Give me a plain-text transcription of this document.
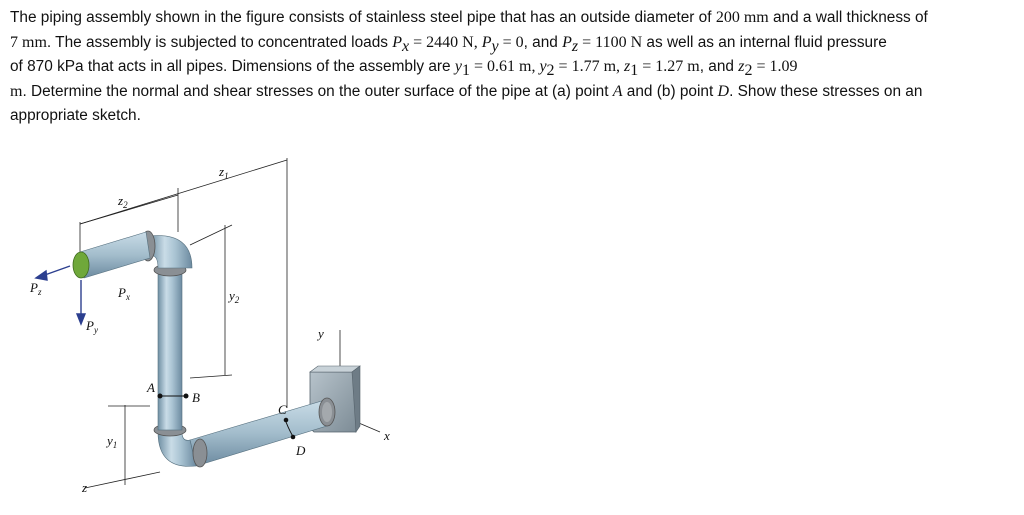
The piping assembly shown in the figure consists of stainless steel pipe that has an outside diameter of 200 mm and a wall thickness of
7 mm. The assembly is subjected to concentrated loads $P_x = 2440$ N, $P_y = 0$, and $P_z = 1100$ N as well as an internal fluid pressure
of 870 kPa that acts in all pipes. Dimensions of the assembly are $y_1 = 0.61$ m, $y_2 = 1.77$ m, $z_1 = 1.27$ m, and $z_2 = 1.09$
m. Determine the normal and shear stresses on the outer surface of the pipe at (a) point A and (b) point D. Show these stresses on an
appropriate sketch.
$z_1$
$z_2$
$P_z$	$P_x$
$P_y$
$y_2$
$y_1$
y
x
z
A
B
C
D
